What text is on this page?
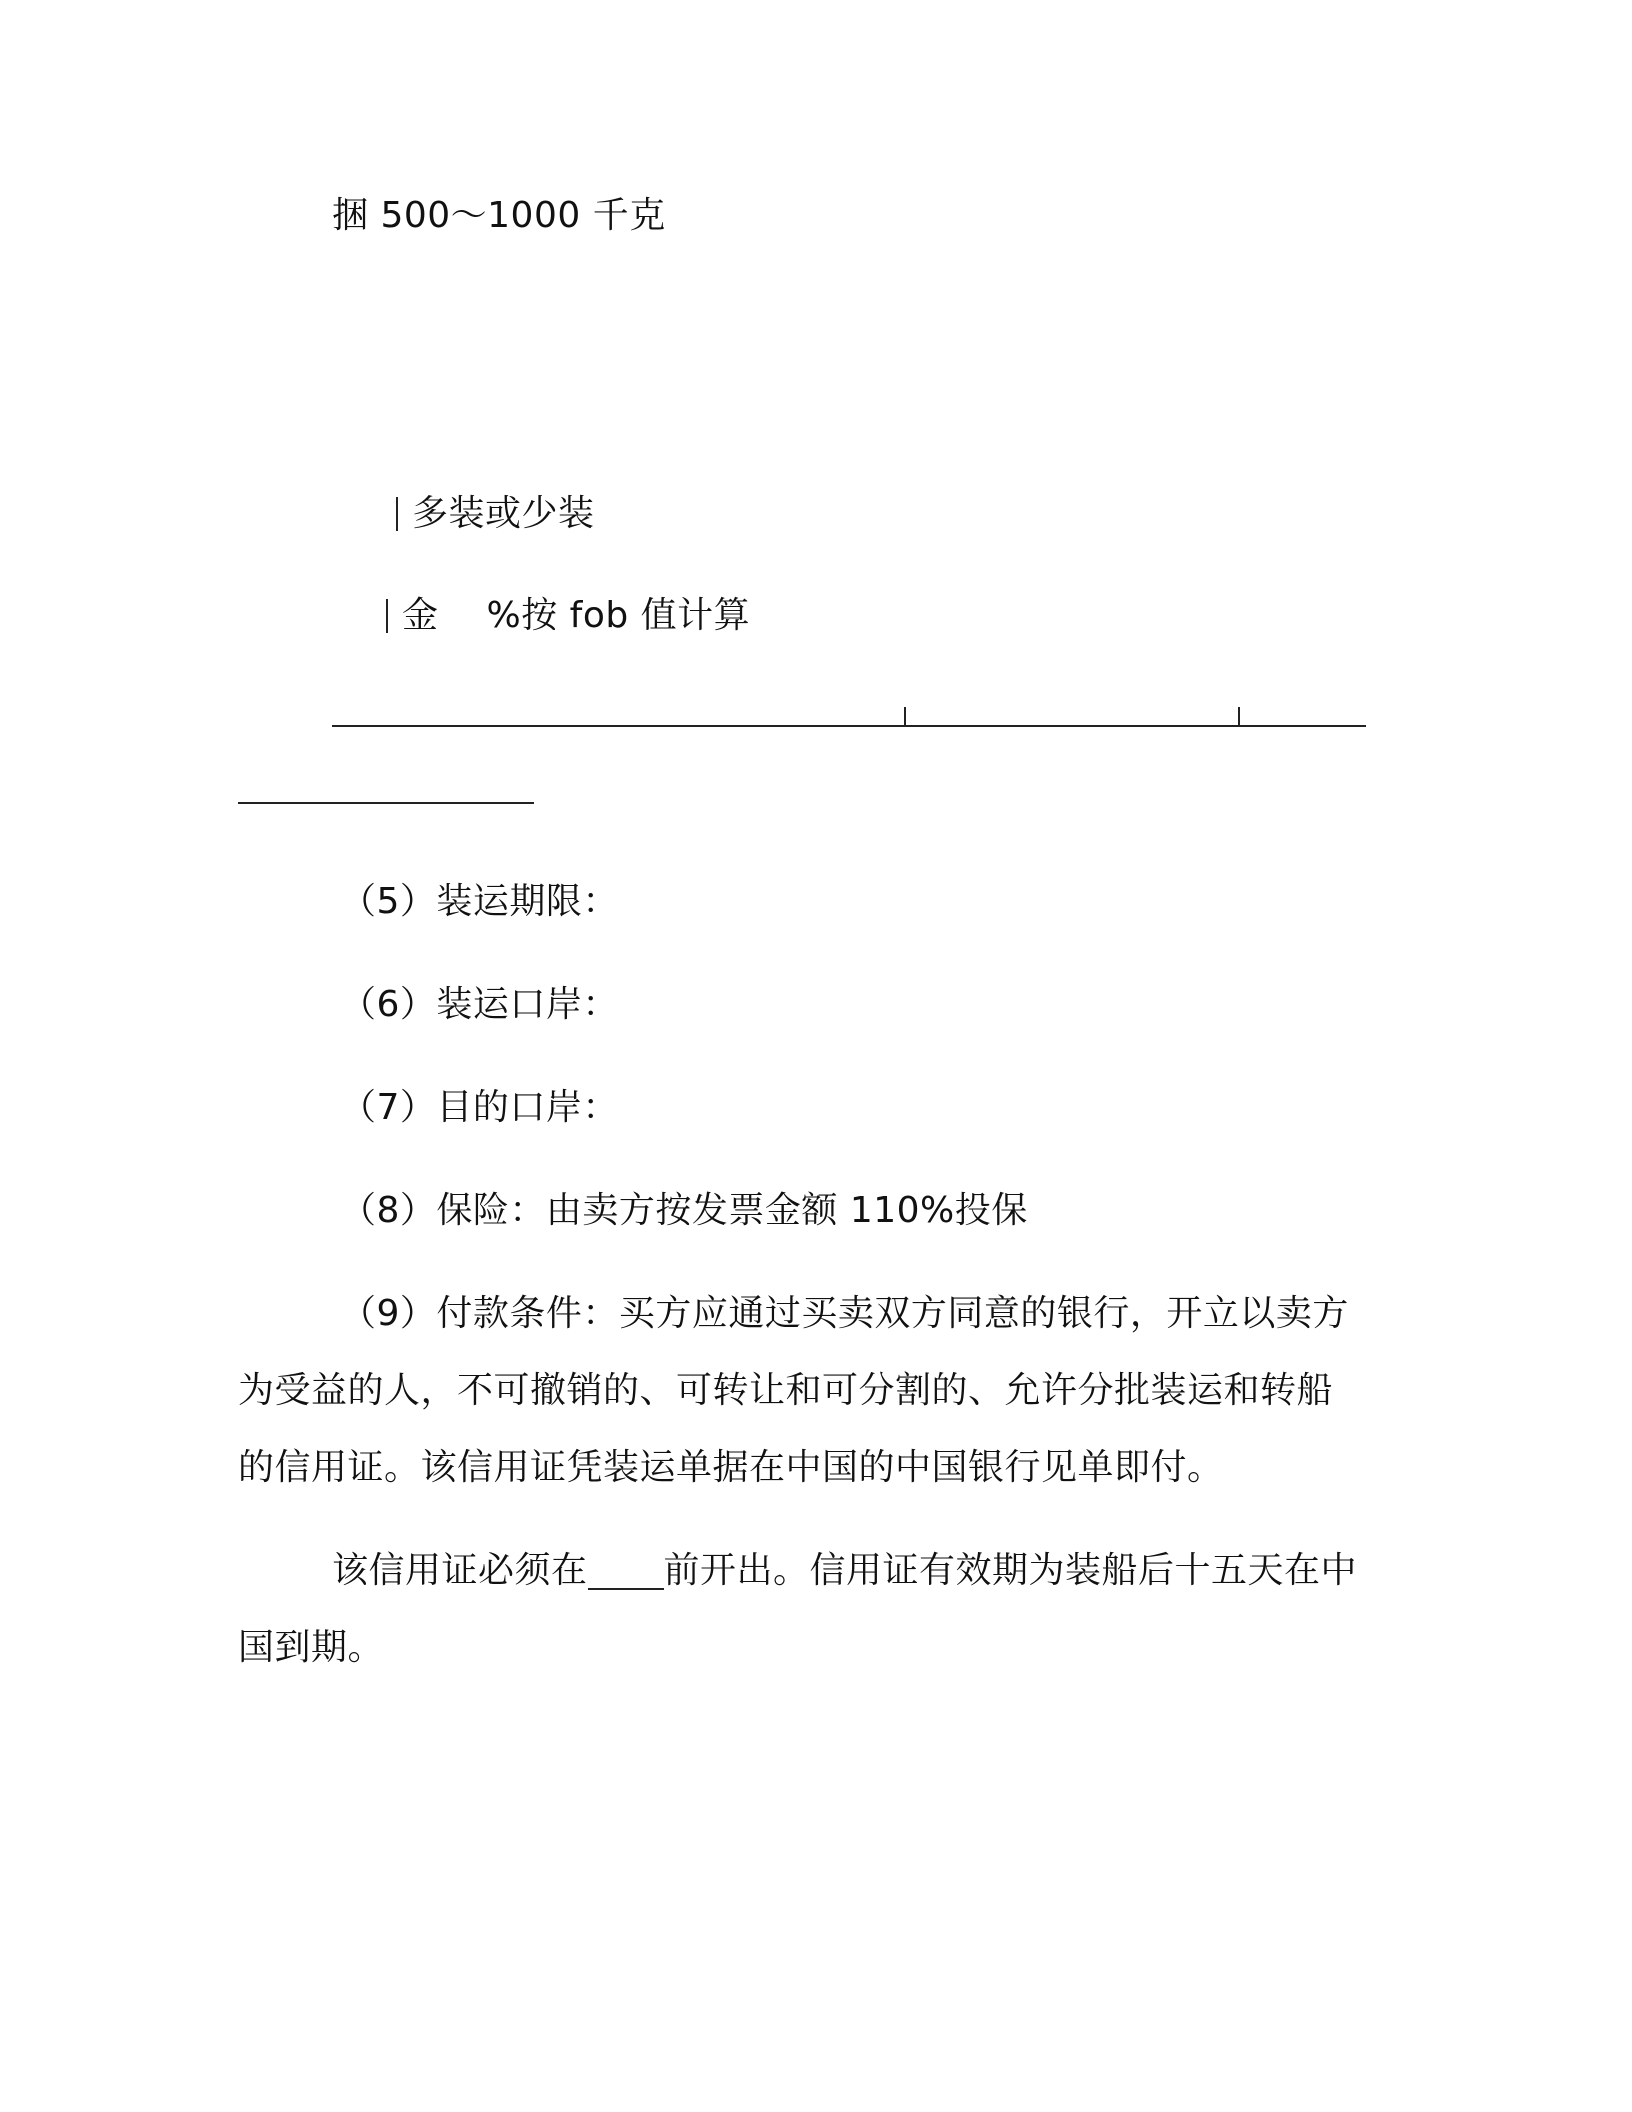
捆 500～1000 千克
多装或少装
金 %按 fob 值计算
（5）装运期限：
（6）装运口岸：
（7）目的口岸：
（8）保险：由卖方按发票金额 110%投保
（9）付款条件：买方应通过买卖双方同意的银行，开立以卖方
为受益的人，不可撤销的、可转让和可分割的、允许分批装运和转船
的信用证。该信用证凭装运单据在中国的中国银行见单即付。
该信用证必须在 前开出。信用证有效期为装船后十五天在中
国到期。
